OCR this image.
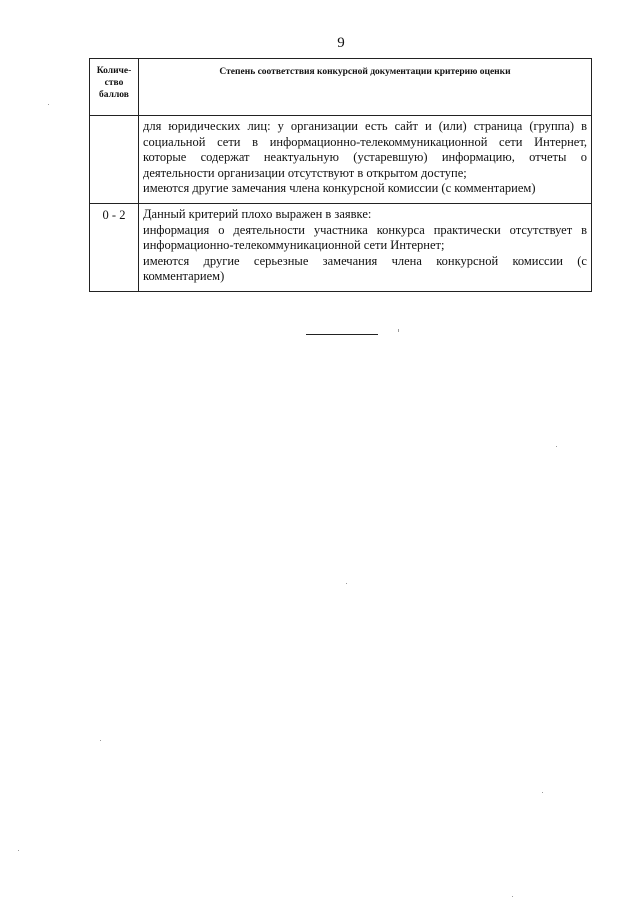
9
Количе-
ство
баллов	Степень соответствия конкурсной документации критерию оценки

	для юридических лиц: у организации есть сайт и (или) страница (группа) в социальной сети в информационно-телекоммуникационной сети Интернет, которые содержат неактуальную (устаревшую) информацию, отчеты о деятельности организации отсутствуют в открытом доступе;

имеются другие замечания члена конкурсной комиссии (с комментарием)

0 - 2	Данный критерий плохо выражен в заявке:

информация о деятельности участника конкурса практически отсутствует в информационно-телекоммуникационной сети Интернет;

имеются другие серьезные замечания члена конкурсной комиссии (с комментарием)
